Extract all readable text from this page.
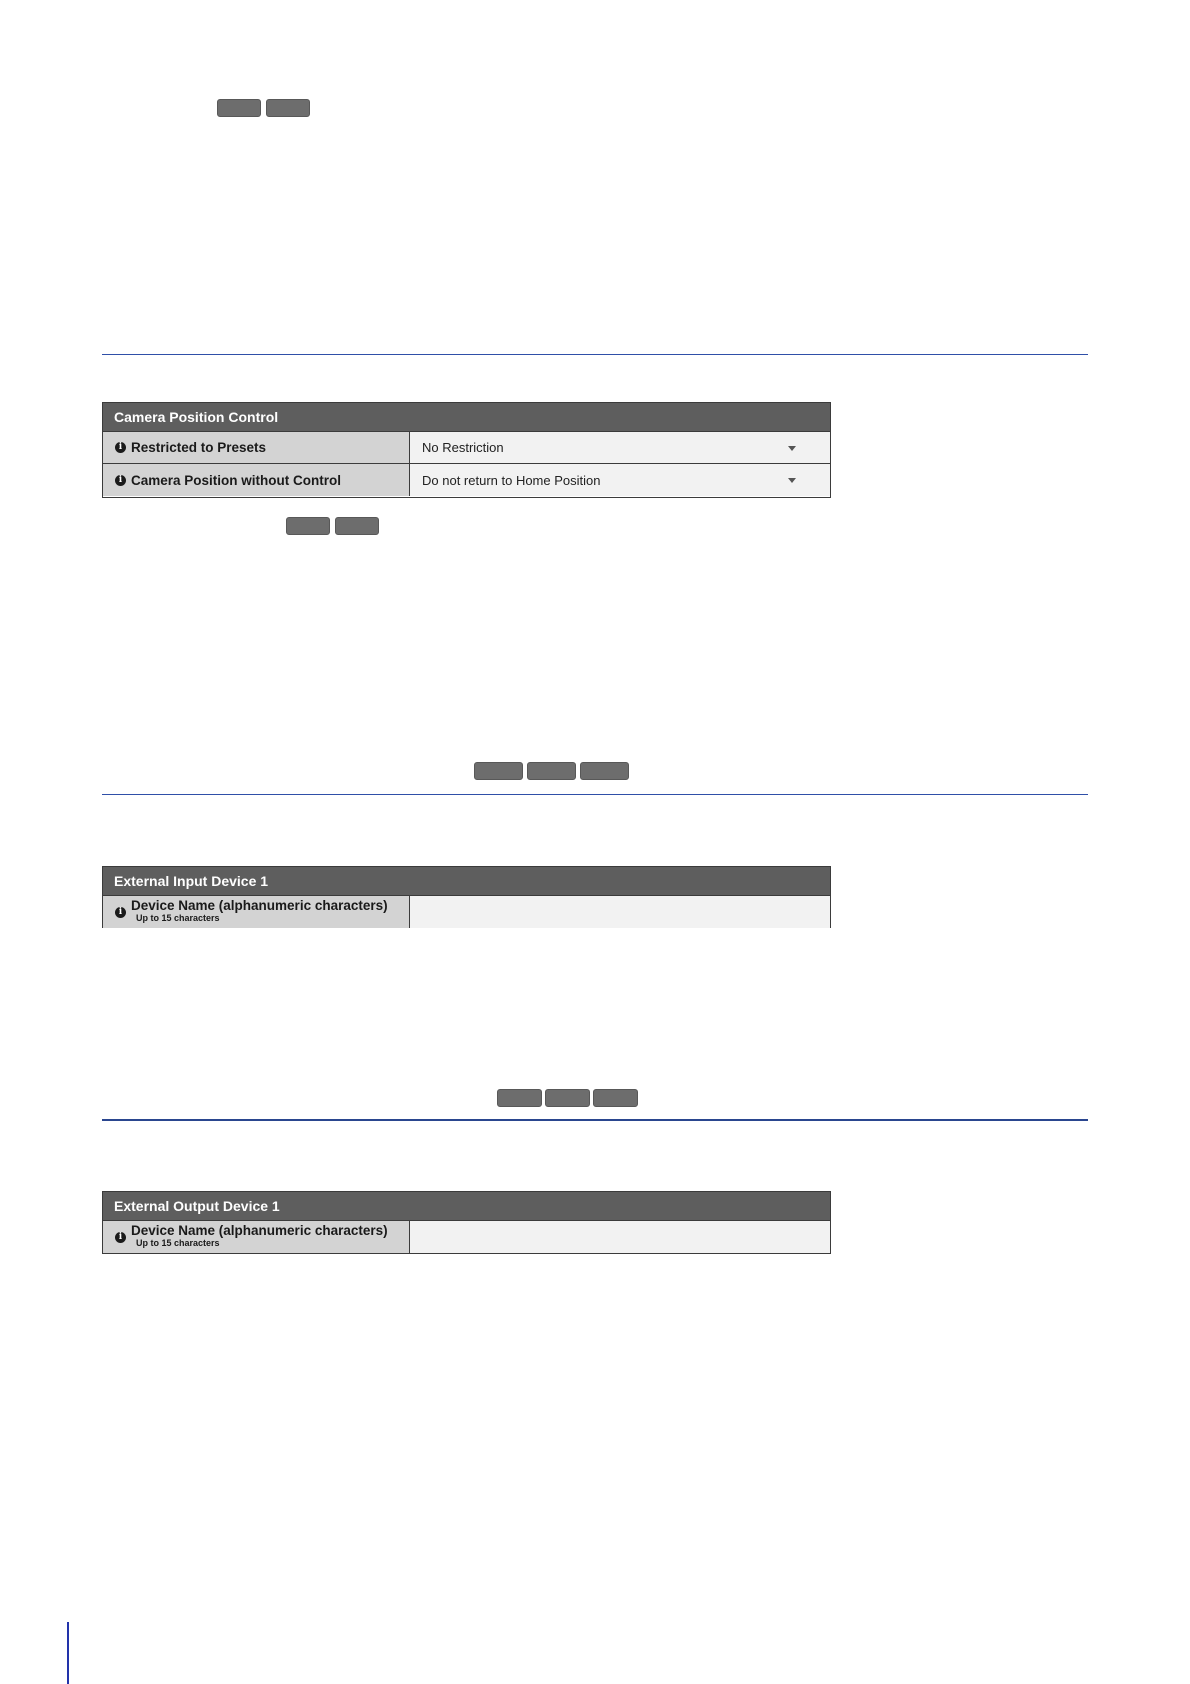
Camera Position Control
i Restricted to Presets	No Restriction
i Camera Position without Control	Do not return to Home Position
External Input Device 1
i Device Name (alphanumeric characters)
Up to 15 characters
External Output Device 1
i Device Name (alphanumeric characters)
Up to 15 characters
